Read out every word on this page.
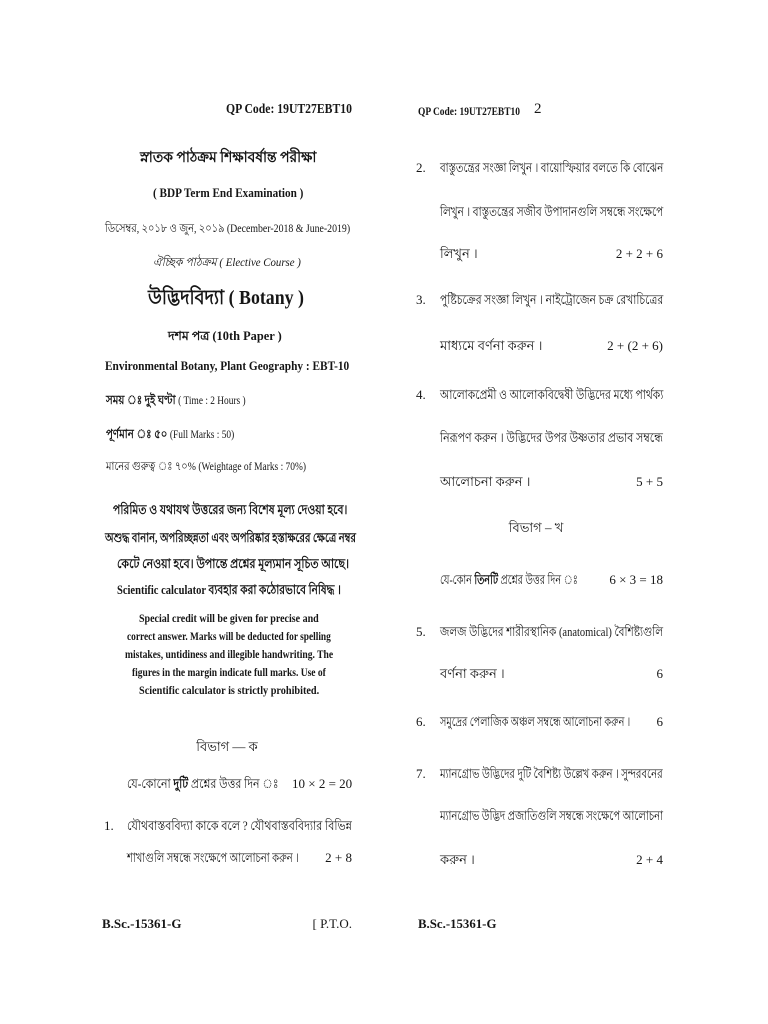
QP Code: 19UT27EBT10
স্নাতক পাঠক্রম শিক্ষাবর্ষান্ত পরীক্ষা
( BDP Term End Examination )
ডিসেম্বর, ২০১৮ ও জুন, ২০১৯ (December-2018 & June-2019)
ঐচ্ছিক পাঠক্রম ( Elective Course )
উদ্ভিদবিদ্যা ( Botany )
দশম পত্র (10th Paper )
Environmental Botany, Plant Geography : EBT-10
সময় ঃ দুই ঘণ্টা ( Time : 2 Hours )
পূর্ণমান ঃ ৫০ (Full Marks : 50)
মানের গুরুত্ব ঃ ৭০% (Weightage of Marks : 70%)
পরিমিত ও যথাযথ উত্তরের জন্য বিশেষ মূল্য দেওয়া হবে।
অশুদ্ধ বানান, অপরিচ্ছন্নতা এবং অপরিষ্কার হস্তাক্ষরের ক্ষেত্রে নম্বর
কেটে নেওয়া হবে। উপান্তে প্রশ্নের মূল্যমান সূচিত আছে।
Scientific calculator ব্যবহার করা কঠোরভাবে নিষিদ্ধ ।
Special credit will be given for precise and
correct answer. Marks will be deducted for spelling
mistakes, untidiness and illegible handwriting. The
figures in the margin indicate full marks. Use of
Scientific calculator is strictly prohibited.
বিভাগ — ক
যে-কোনো দুটি প্রশ্নের উত্তর দিন ঃ 10 × 2 = 20
1.	যৌথবাস্তববিদ্যা কাকে বলে ? যৌথবাস্তববিদ্যার বিভিন্ন
শাখাগুলি সম্বন্ধে সংক্ষেপে আলোচনা করুন ।	2 + 8
B.Sc.-15361-G	[ P.T.O.
QP Code: 19UT27EBT10 2
2.	বাস্তুতন্ত্রের সংজ্ঞা লিখুন । বায়োস্ফিয়ার বলতে কি বোঝেন
লিখুন । বাস্তুতন্ত্রের সজীব উপাদানগুলি সম্বন্ধে সংক্ষেপে
লিখুন ।	2 + 2 + 6
3.	পুষ্টিচক্রের সংজ্ঞা লিখুন । নাইট্রোজেন চক্র রেখাচিত্রের
মাধ্যমে বর্ণনা করুন ।	2 + (2 + 6)
4.	আলোকপ্রেমী ও আলোকবিদ্বেষী উদ্ভিদের মধ্যে পার্থক্য
নিরূপণ করুন । উদ্ভিদের উপর উষ্ণতার প্রভাব সম্বন্ধে
আলোচনা করুন ।	5 + 5
বিভাগ – খ
যে-কোন তিনটি প্রশ্নের উত্তর দিন ঃ	6 × 3 = 18
5.	জলজ উদ্ভিদের শারীরস্থানিক (anatomical) বৈশিষ্ট্যগুলি
বর্ণনা করুন ।	6
6.	সমুদ্রের পেলাজিক অঞ্চল সম্বন্ধে আলোচনা করুন ।	6
7.	ম্যানগ্রোভ উদ্ভিদের দুটি বৈশিষ্ট্য উল্লেখ করুন । সুন্দরবনের
ম্যানগ্রোভ উদ্ভিদ প্রজাতিগুলি সম্বন্ধে সংক্ষেপে আলোচনা
করুন ।	2 + 4
B.Sc.-15361-G
